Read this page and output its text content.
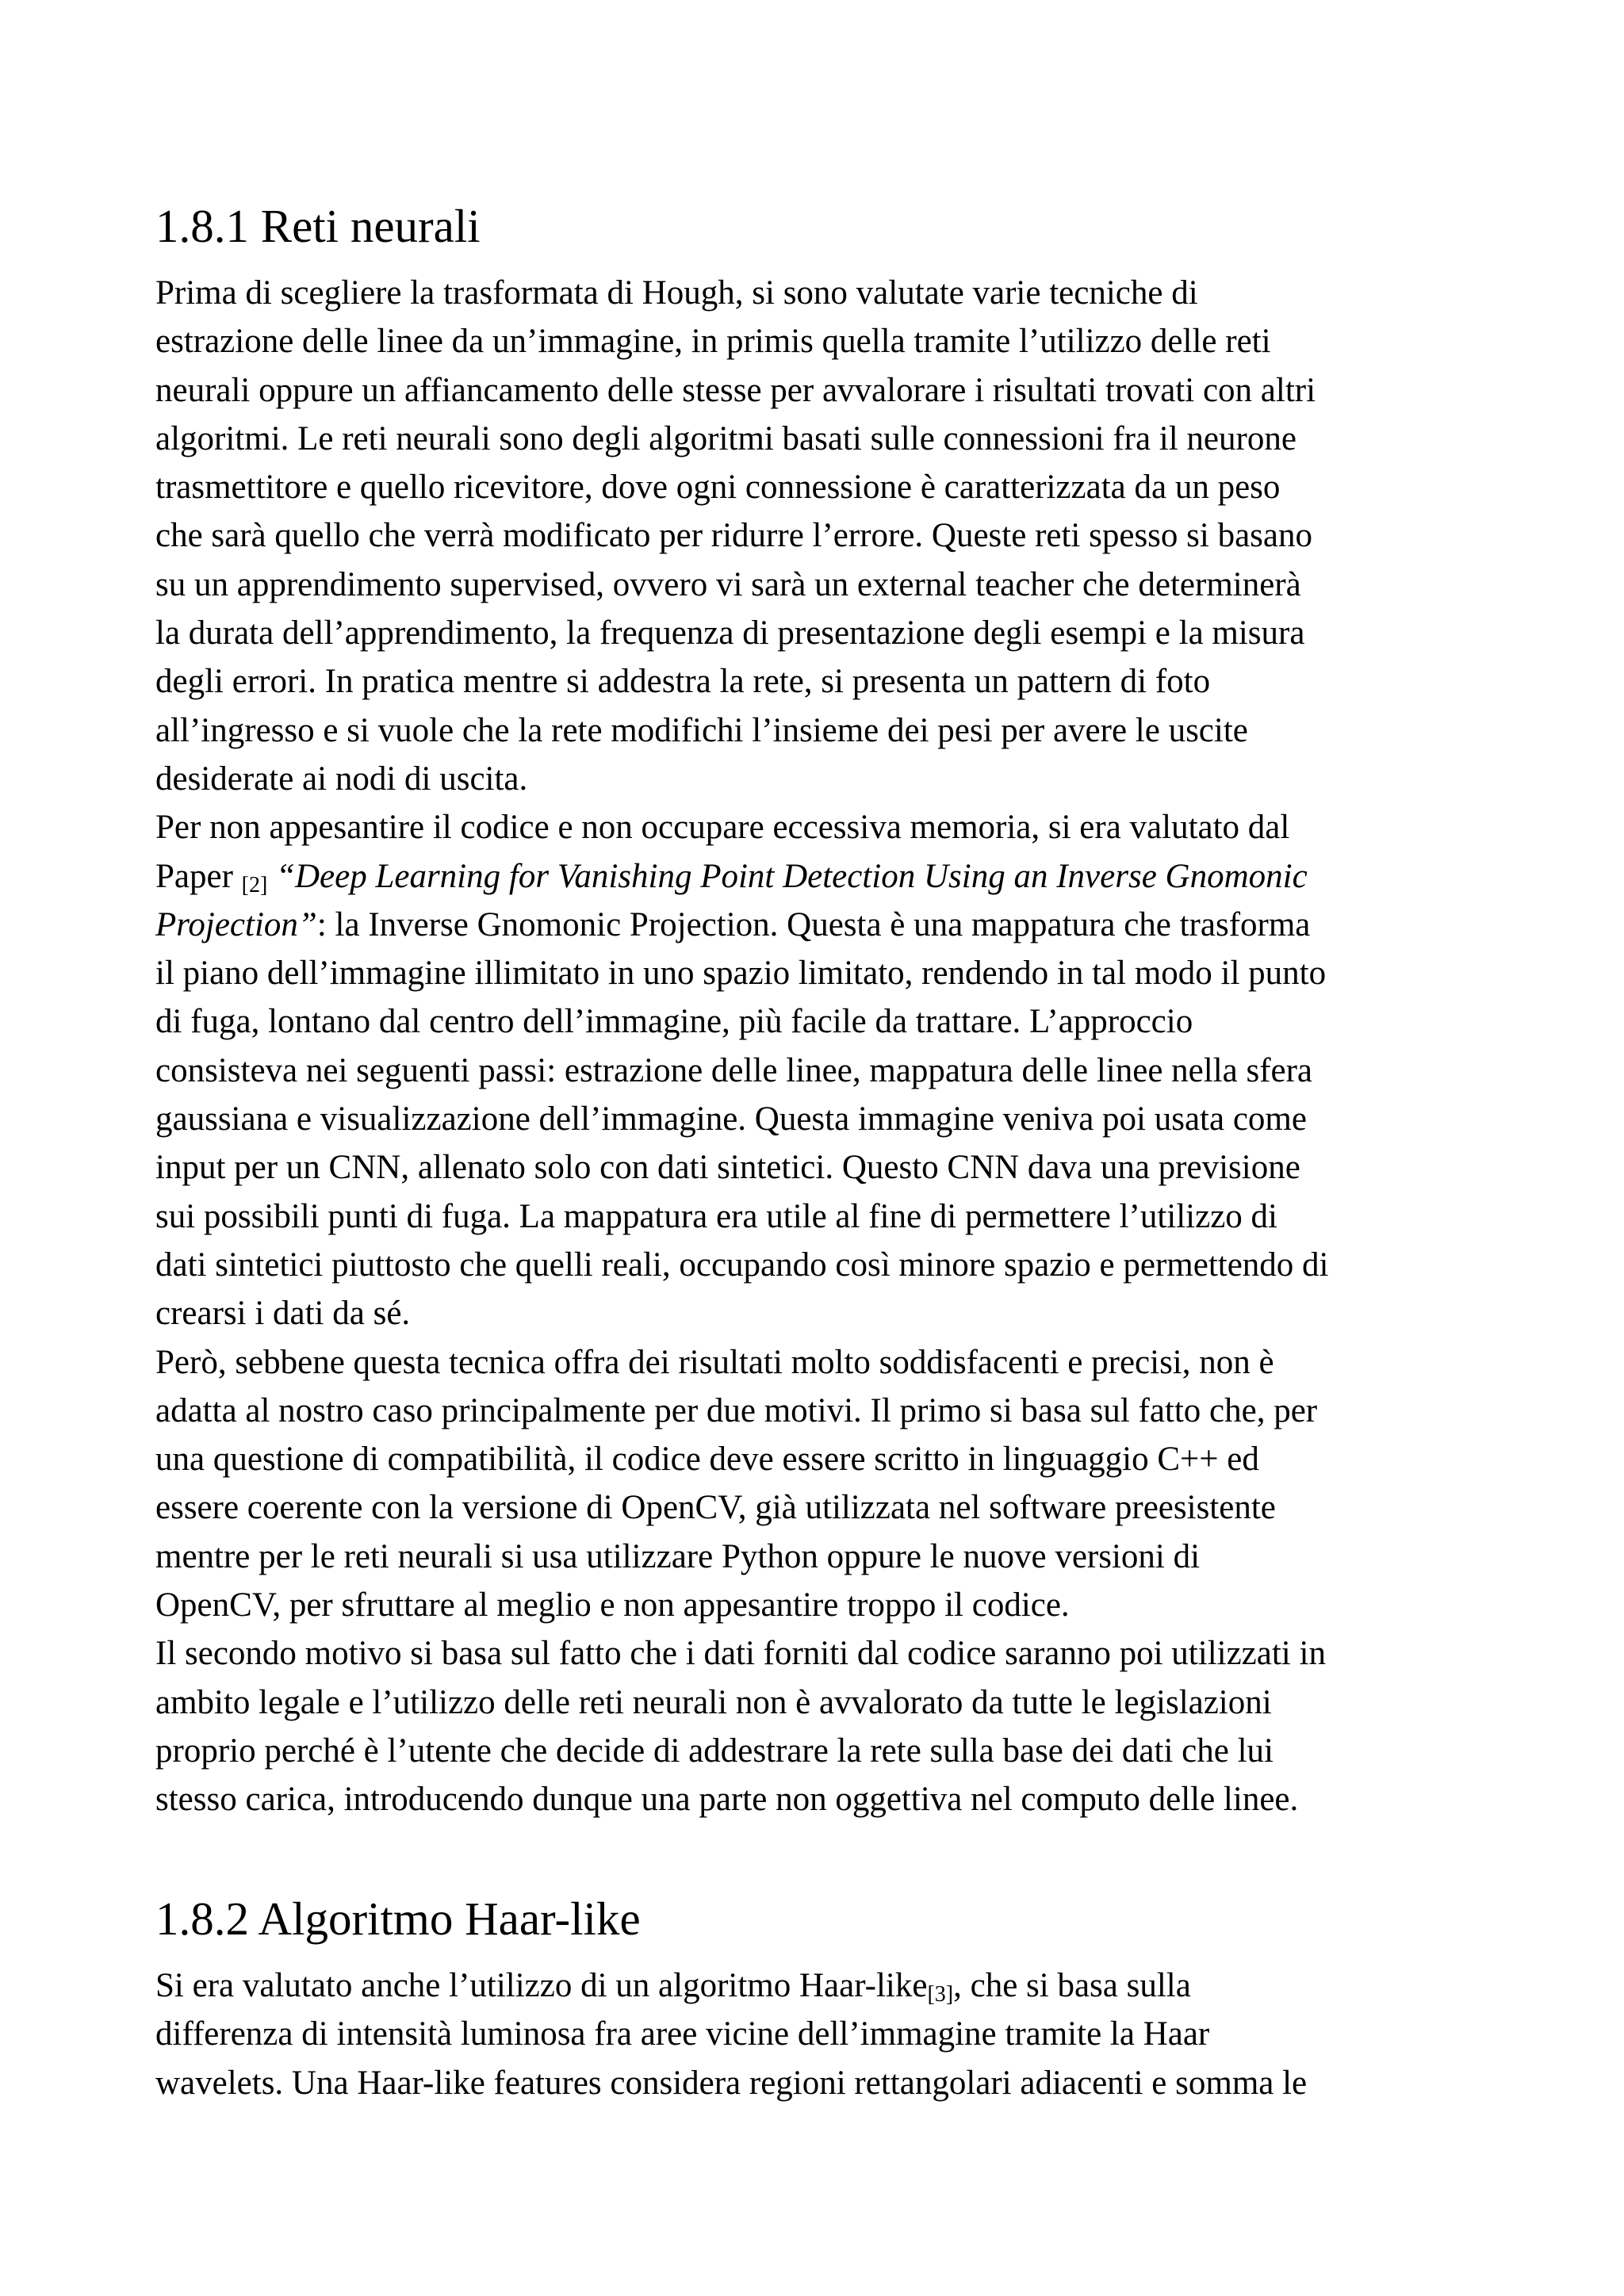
1.8.1 Reti neurali
Prima di scegliere la trasformata di Hough, si sono valutate varie tecniche di
estrazione delle linee da un’immagine, in primis quella tramite l’utilizzo delle reti
neurali oppure un affiancamento delle stesse per avvalorare i risultati trovati con altri
algoritmi. Le reti neurali sono degli algoritmi basati sulle connessioni fra il neurone
trasmettitore e quello ricevitore, dove ogni connessione è caratterizzata da un peso
che sarà quello che verrà modificato per ridurre l’errore. Queste reti spesso si basano
su un apprendimento supervised, ovvero vi sarà un external teacher che determinerà
la durata dell’apprendimento, la frequenza di presentazione degli esempi e la misura
degli errori. In pratica mentre si addestra la rete, si presenta un pattern di foto
all’ingresso e si vuole che la rete modifichi l’insieme dei pesi per avere le uscite
desiderate ai nodi di uscita.
Per non appesantire il codice e non occupare eccessiva memoria, si era valutato dal
Paper [2] “Deep Learning for Vanishing Point Detection Using an Inverse Gnomonic
Projection”: la Inverse Gnomonic Projection. Questa è una mappatura che trasforma
il piano dell’immagine illimitato in uno spazio limitato, rendendo in tal modo il punto
di fuga, lontano dal centro dell’immagine, più facile da trattare. L’approccio
consisteva nei seguenti passi: estrazione delle linee, mappatura delle linee nella sfera
gaussiana e visualizzazione dell’immagine. Questa immagine veniva poi usata come
input per un CNN, allenato solo con dati sintetici. Questo CNN dava una previsione
sui possibili punti di fuga. La mappatura era utile al fine di permettere l’utilizzo di
dati sintetici piuttosto che quelli reali, occupando così minore spazio e permettendo di
crearsi i dati da sé.
Però, sebbene questa tecnica offra dei risultati molto soddisfacenti e precisi, non è
adatta al nostro caso principalmente per due motivi. Il primo si basa sul fatto che, per
una questione di compatibilità, il codice deve essere scritto in linguaggio C++ ed
essere coerente con la versione di OpenCV, già utilizzata nel software preesistente
mentre per le reti neurali si usa utilizzare Python oppure le nuove versioni di
OpenCV, per sfruttare al meglio e non appesantire troppo il codice.
Il secondo motivo si basa sul fatto che i dati forniti dal codice saranno poi utilizzati in
ambito legale e l’utilizzo delle reti neurali non è avvalorato da tutte le legislazioni
proprio perché è l’utente che decide di addestrare la rete sulla base dei dati che lui
stesso carica, introducendo dunque una parte non oggettiva nel computo delle linee.
1.8.2 Algoritmo Haar-like
Si era valutato anche l’utilizzo di un algoritmo Haar-like[3], che si basa sulla
differenza di intensità luminosa fra aree vicine dell’immagine tramite la Haar
wavelets. Una Haar-like features considera regioni rettangolari adiacenti e somma le
